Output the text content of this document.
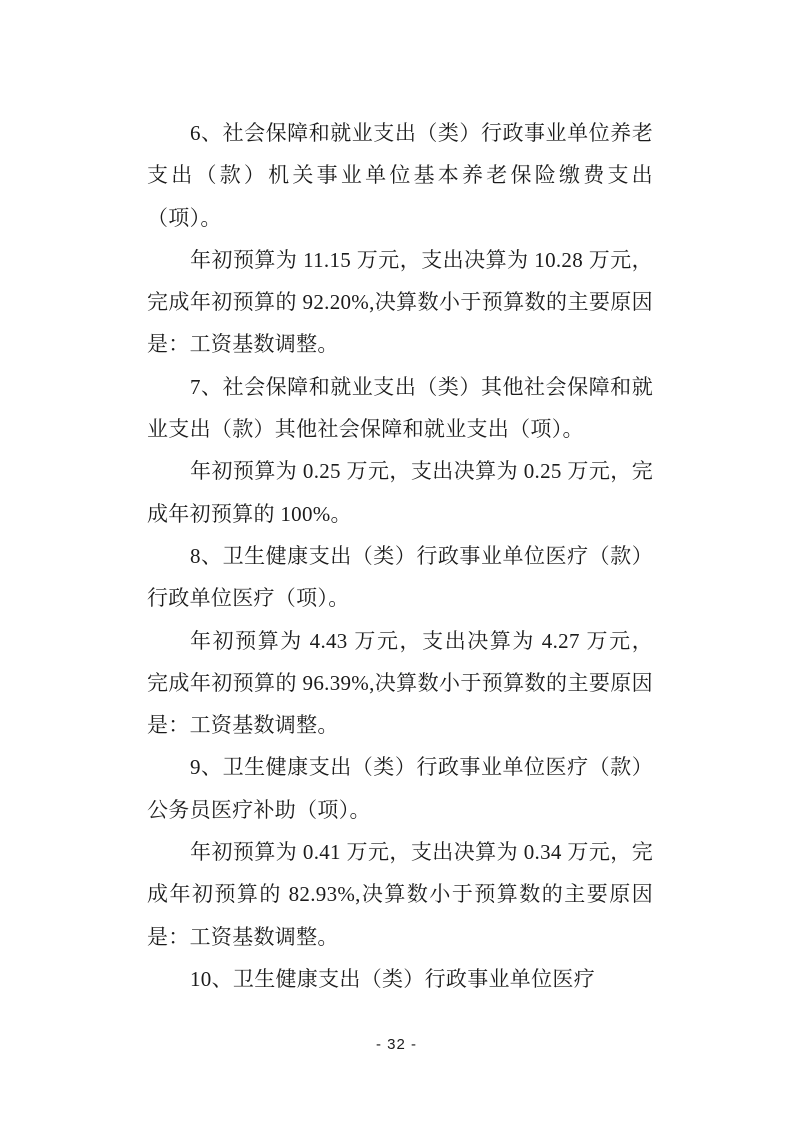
6、社会保障和就业支出（类）行政事业单位养老
支出（款）机关事业单位基本养老保险缴费支出
（项）。
年初预算为 11.15 万元，支出决算为 10.28 万元，
完成年初预算的 92.20%,决算数小于预算数的主要原因
是：工资基数调整。
7、社会保障和就业支出（类）其他社会保障和就
业支出（款）其他社会保障和就业支出（项）。
年初预算为 0.25 万元，支出决算为 0.25 万元，完
成年初预算的 100%。
8、卫生健康支出（类）行政事业单位医疗（款）
行政单位医疗（项）。
年初预算为 4.43 万元，支出决算为 4.27 万元，
完成年初预算的 96.39%,决算数小于预算数的主要原因
是：工资基数调整。
9、卫生健康支出（类）行政事业单位医疗（款）
公务员医疗补助（项）。
年初预算为 0.41 万元，支出决算为 0.34 万元，完
成年初预算的 82.93%,决算数小于预算数的主要原因
是：工资基数调整。
10、卫生健康支出（类）行政事业单位医疗
- 32 -
